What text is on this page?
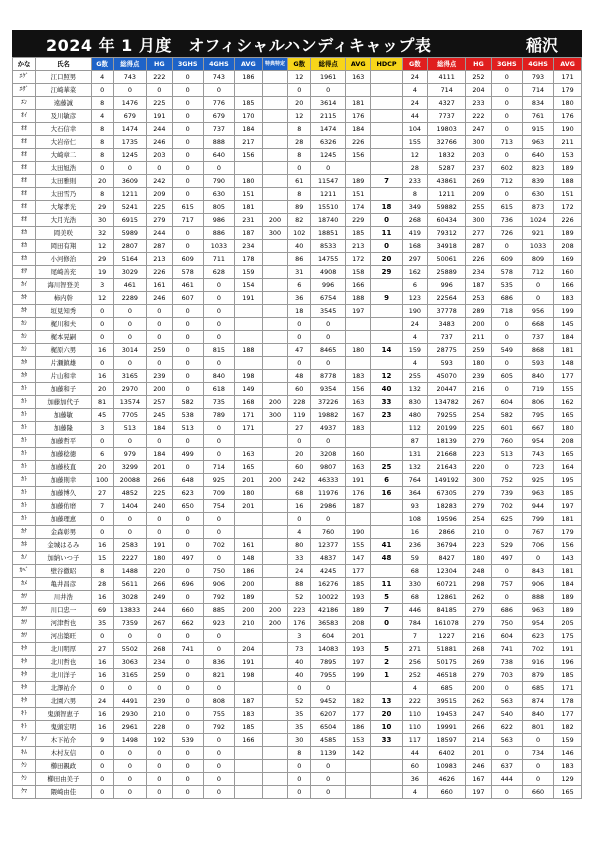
2024 年 1 月度　オフィシャルハンディキャップ表	稲沢
かな	氏名	G数	総得点	HG	3GHS	4GHS	AVG	特典特定	G数	総得点	AVG	HDCP	G数	総得点	HG	3GHS	4GHS	AVG
ｴｸﾞ	江口照男	4	743	222	0	743	186		12	1961	163		24	4111	252	0	793	171
ｴｻﾞ	江崎華菜	0	0	0	0	0			0	0			4	714	204	0	714	179
ｴﾝ	遠藤誠	8	1476	225	0	776	185		20	3614	181		24	4327	233	0	834	180
ｵｲ	及川敏彦	4	679	191	0	679	170		12	2115	176		44	7737	222	0	761	176
ｵｵ	大石信幸	8	1474	244	0	737	184		8	1474	184		104	19803	247	0	915	190
ｵｵ	大岩帝仁	8	1735	246	0	888	217		28	6326	226		155	32766	300	713	963	211
ｵｵ	大崎章二	8	1245	203	0	640	156		8	1245	156		12	1832	203	0	640	153
ｵｵ	太田旭浩	0	0	0	0	0			0	0			28	5287	237	602	823	189
ｵｵ	太田雅則	20	3609	242	0	790	180		61	11547	189	7	233	43861	269	712	839	188
ｵｵ	太田雪乃	8	1211	209	0	630	151		8	1211	151		8	1211	209	0	630	151
ｵｵ	大塚孝光	29	5241	225	615	805	181		89	15510	174	18	349	59882	255	615	873	172
ｵｵ	大月光浩	30	6915	279	717	986	231	200	82	18740	229	0	268	60434	300	736	1024	226
ｵｶ	岡美咲	32	5989	244	0	886	187	300	102	18851	185	11	419	79312	277	726	921	189
ｵｶ	岡田有翔	12	2807	287	0	1033	234		40	8533	213	0	168	34918	287	0	1033	208
ｵｶ	小河修治	29	5164	213	609	711	178		86	14755	172	20	297	50061	226	609	809	169
ｵｻ	尾崎善充	19	3029	226	578	628	159		31	4908	158	29	162	25889	234	578	712	160
ｶｲ	海川智登美	3	461	161	461	0	154		6	996	166		6	996	187	535	0	166
ｶｷ	柿内幹	12	2289	246	607	0	191		36	6754	188	9	123	22564	253	686	0	183
ｶｷ	垣見知秀	0	0	0	0	0			18	3545	197		190	37778	289	718	956	199
ｶｼ	梶川和夫	0	0	0	0	0			0	0			24	3483	200	0	668	145
ｶｼ	梶本晃嗣	0	0	0	0	0			0	0			4	737	211	0	737	184
ｶｼ	梶原六男	16	3014	259	0	815	188		47	8465	180	14	159	28775	259	549	868	181
ｶﾀ	片瀬鎮雄	0	0	0	0	0			0	0			4	593	180	0	593	148
ｶﾀ	片山和幸	16	3165	239	0	840	198		48	8778	183	12	255	45070	239	605	840	177
ｶﾄ	加藤和子	20	2970	200	0	618	149		60	9354	156	40	132	20447	216	0	719	155
ｶﾄ	加藤加代子	81	13574	257	582	735	168	200	228	37226	163	33	830	134782	267	604	806	162
ｶﾄ	加藤敏	45	7705	245	538	789	171	300	119	19882	167	23	480	79255	254	582	795	165
ｶﾄ	加藤隆	3	513	184	513	0	171		27	4937	183		112	20199	225	601	667	180
ｶﾄ	加藤哲平	0	0	0	0	0			0	0			87	18139	279	760	954	208
ｶﾄ	加藤稔徳	6	979	184	499	0	163		20	3208	160		131	21668	223	513	743	165
ｶﾄ	加藤枝直	20	3299	201	0	714	165		60	9807	163	25	132	21643	220	0	723	164
ｶﾄ	加藤則幸	100	20088	266	648	925	201	200	242	46333	191	6	764	149192	300	752	925	195
ｶﾄ	加藤博久	27	4852	225	623	709	180		68	11976	176	16	364	67305	279	739	963	185
ｶﾄ	加藤佑磨	7	1404	240	650	754	201		16	2986	187		93	18283	279	702	944	197
ｶﾄ	加藤理恵	0	0	0	0	0			0	0			108	19596	254	625	799	181
ｶﾅ	金森彰男	0	0	0	0	0			4	760	190		16	2866	210	0	767	179
ｶﾈ	金城はるみ	16	2583	191	0	702	161		80	12377	155	41	236	36794	223	529	706	156
ｶﾉ	加納いつ子	15	2227	180	497	0	148		33	4837	147	48	59	8427	180	497	0	143
ｶﾍﾞ	壁谷徹昭	8	1488	220	0	750	186		24	4245	177		68	12304	248	0	843	181
ｶﾒ	亀井昌彦	28	5611	266	696	906	200		88	16276	185	11	330	60721	298	757	906	184
ｶﾜ	川井浩	16	3028	249	0	792	189		52	10022	193	5	68	12861	262	0	888	189
ｶﾜ	川口忠一	69	13833	244	660	885	200	200	223	42186	189	7	446	84185	279	686	963	189
ｶﾜ	河津哲也	35	7359	267	662	923	210	200	176	36583	208	0	784	161078	279	750	954	205
ｶﾜ	河出築旺	0	0	0	0	0			3	604	201		7	1227	216	604	623	175
ｷﾀ	北川明厚	27	5502	268	741	0	204		73	14083	193	5	271	51881	268	741	702	191
ｷﾀ	北川哲也	16	3063	234	0	836	191		40	7895	197	2	256	50175	269	738	916	196
ｷﾀ	北川洋子	16	3165	259	0	821	198		40	7955	199	1	252	46518	279	703	879	185
ｷﾀ	北澤祐介	0	0	0	0	0			0	0			4	685	200	0	685	171
ｷﾀ	北園六男	24	4491	239	0	808	187		52	9452	182	13	222	39515	262	563	874	178
ｷﾄ	鬼頭智恵子	16	2930	210	0	755	183		35	6207	177	20	110	19453	247	540	840	177
ｷﾄ	鬼頭宏明	16	2961	228	0	792	185		35	6504	186	10	110	19991	266	622	801	182
ｷﾉ	木下祐介	9	1498	192	539	0	166		30	4585	153	33	117	18597	214	563	0	159
ｷﾑ	木村友信	0	0	0	0	0			8	1139	142		44	6402	201	0	734	146
ｸｼ	櫛田親政	0	0	0	0	0			0	0			60	10983	246	637	0	183
ｸｼ	櫛田由美子	0	0	0	0	0			0	0			36	4626	167	444	0	129
ｸﾏ	隈崎由佳	0	0	0	0	0			0	0			4	660	197	0	660	165
